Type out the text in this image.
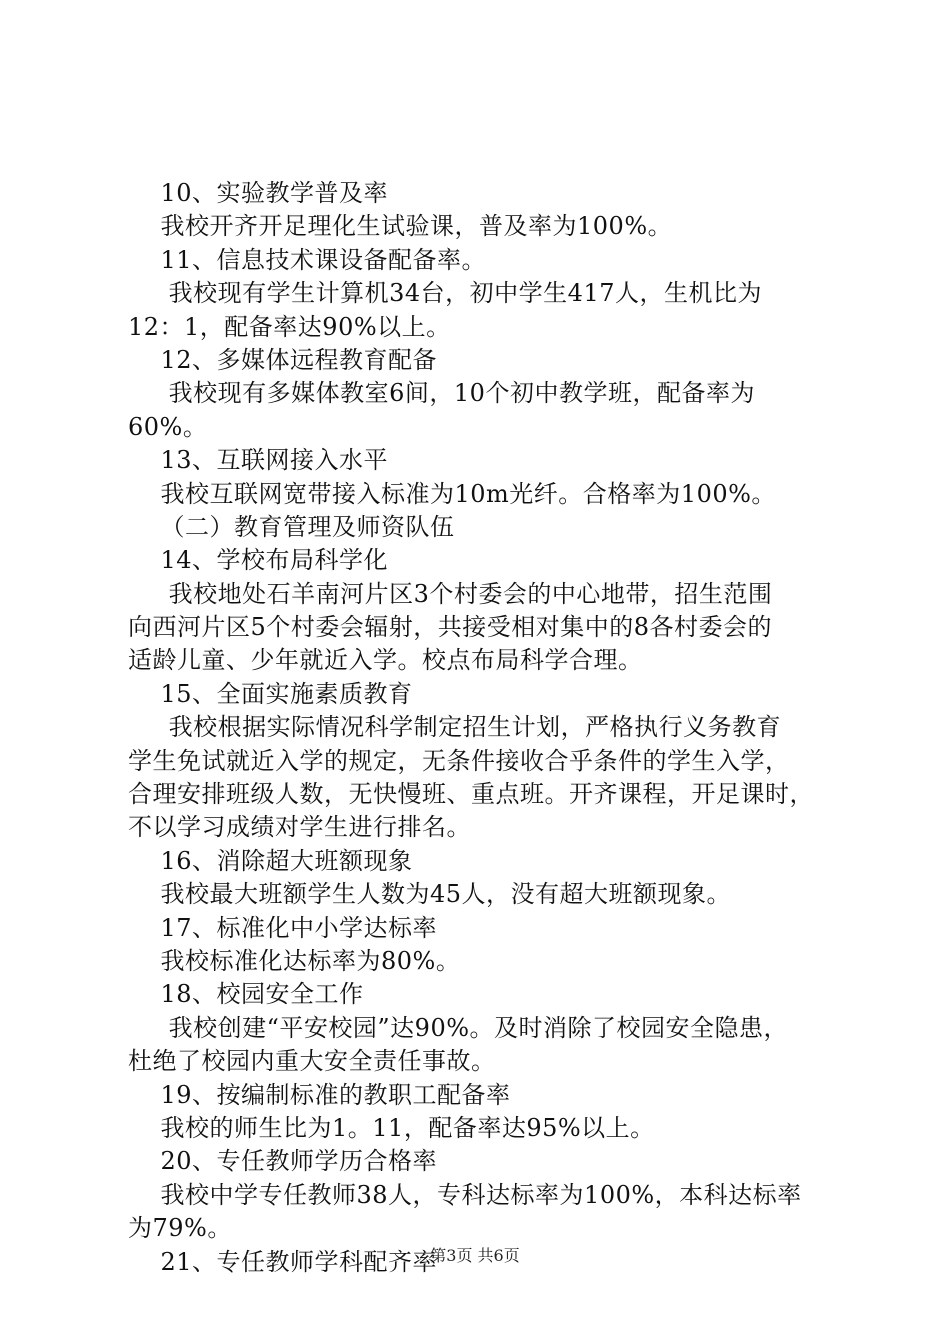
10、实验教学普及率
我校开齐开足理化生试验课，普及率为100%。
11、信息技术课设备配备率。
我校现有学生计算机34台，初中学生417人，生机比为
12：1，配备率达90%以上。
12、多媒体远程教育配备
我校现有多媒体教室6间，10个初中教学班，配备率为
60%。
13、互联网接入水平
我校互联网宽带接入标准为10m光纤。合格率为100%。
（二）教育管理及师资队伍
14、学校布局科学化
我校地处石羊南河片区3个村委会的中心地带，招生范围
向西河片区5个村委会辐射，共接受相对集中的8各村委会的
适龄儿童、少年就近入学。校点布局科学合理。
15、全面实施素质教育
我校根据实际情况科学制定招生计划，严格执行义务教育
学生免试就近入学的规定，无条件接收合乎条件的学生入学，
合理安排班级人数，无快慢班、重点班。开齐课程，开足课时，
不以学习成绩对学生进行排名。
16、消除超大班额现象
我校最大班额学生人数为45人，没有超大班额现象。
17、标准化中小学达标率
我校标准化达标率为80%。
18、校园安全工作
我校创建“平安校园”达90%。及时消除了校园安全隐患，
杜绝了校园内重大安全责任事故。
19、按编制标准的教职工配备率
我校的师生比为1。11，配备率达95%以上。
20、专任教师学历合格率
我校中学专任教师38人，专科达标率为100%，本科达标率
为79%。
21、专任教师学科配齐率
第3页 共6页
